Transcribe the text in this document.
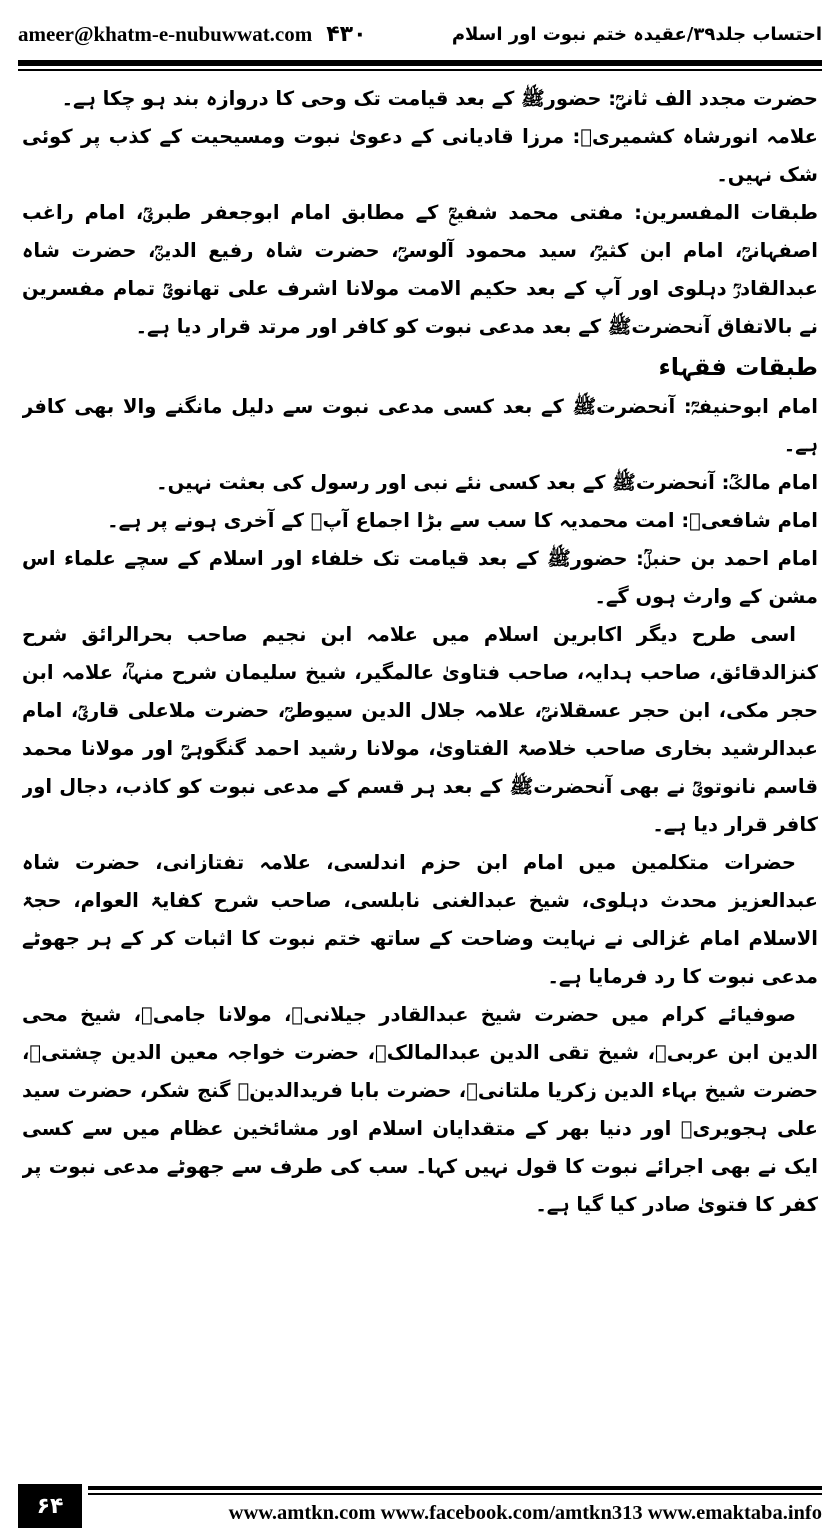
ameer@khatm-e-nubuwwat.com ۴۳۰	احتساب جلد۳۹/عقیدہ ختم نبوت اور اسلام

حضرت مجدد الف ثانیؒ: حضورﷺ کے بعد قیامت تک وحی کا دروازہ بند ہو چکا ہے۔

علامہ انورشاہ کشمیریؒ: مرزا قادیانی کے دعویٰ نبوت ومسیحیت کے کذب پر کوئی شک نہیں۔

طبقات المفسرین: مفتی محمد شفیعؒ کے مطابق امام ابوجعفر طبریؒ، امام راغب اصفہانیؒ، امام ابن کثیرؒ، سید محمود آلوسیؒ، حضرت شاہ رفیع الدینؒ، حضرت شاہ عبدالقادرؒ دہلوی اور آپ کے بعد حکیم الامت مولانا اشرف علی تھانویؒ تمام مفسرین نے بالاتفاق آنحضرتﷺ کے بعد مدعی نبوت کو کافر اور مرتد قرار دیا ہے۔

طبقات فقہاء

امام ابوحنیفہؒ: آنحضرتﷺ کے بعد کسی مدعی نبوت سے دلیل مانگنے والا بھی کافر ہے۔

امام مالکؒ: آنحضرتﷺ کے بعد کسی نئے نبی اور رسول کی بعثت نہیں۔

امام شافعیؒ: امت محمدیہ کا سب سے بڑا اجماع آپؐ کے آخری ہونے پر ہے۔

امام احمد بن حنبلؒ: حضورﷺ کے بعد قیامت تک خلفاء اور اسلام کے سچے علماء اس مشن کے وارث ہوں گے۔

اسی طرح دیگر اکابرین اسلام میں علامہ ابن نجیم صاحب بحرالرائق شرح کنزالدقائق، صاحب ہدایہ، صاحب فتاویٰ عالمگیر، شیخ سلیمان شرح منہاؒ، علامہ ابن حجر مکی، ابن حجر عسقلانیؒ، علامہ جلال الدین سیوطیؒ، حضرت ملاعلی قاریؒ، امام عبدالرشید بخاری صاحب خلاصۃ الفتاویٰ، مولانا رشید احمد گنگوہیؒ اور مولانا محمد قاسم نانوتویؒ نے بھی آنحضرتﷺ کے بعد ہر قسم کے مدعی نبوت کو کاذب، دجال اور کافر قرار دیا ہے۔

حضرات متکلمین میں امام ابن حزم اندلسی، علامہ تفتازانی، حضرت شاہ عبدالعزیز محدث دہلوی، شیخ عبدالغنی نابلسی، صاحب شرح کفایۃ العوام، حجۃ الاسلام امام غزالی نے نہایت وضاحت کے ساتھ ختم نبوت کا اثبات کر کے ہر جھوٹے مدعی نبوت کا رد فرمایا ہے۔

صوفیائے کرام میں حضرت شیخ عبدالقادر جیلانیؒ، مولانا جامیؒ، شیخ محی الدین ابن عربیؒ، شیخ تقی الدین عبدالمالکؒ، حضرت خواجہ معین الدین چشتیؒ، حضرت شیخ بہاء الدین زکریا ملتانیؒ، حضرت بابا فریدالدینؒ گنج شکر، حضرت سید علی ہجویریؒ اور دنیا بھر کے متقدایان اسلام اور مشائخین عظام میں سے کسی ایک نے بھی اجرائے نبوت کا قول نہیں کہا۔ سب کی طرف سے جھوٹے مدعی نبوت پر کفر کا فتویٰ صادر کیا گیا ہے۔

۶۴	www.amtkn.com www.facebook.com/amtkn313 www.emaktaba.info
